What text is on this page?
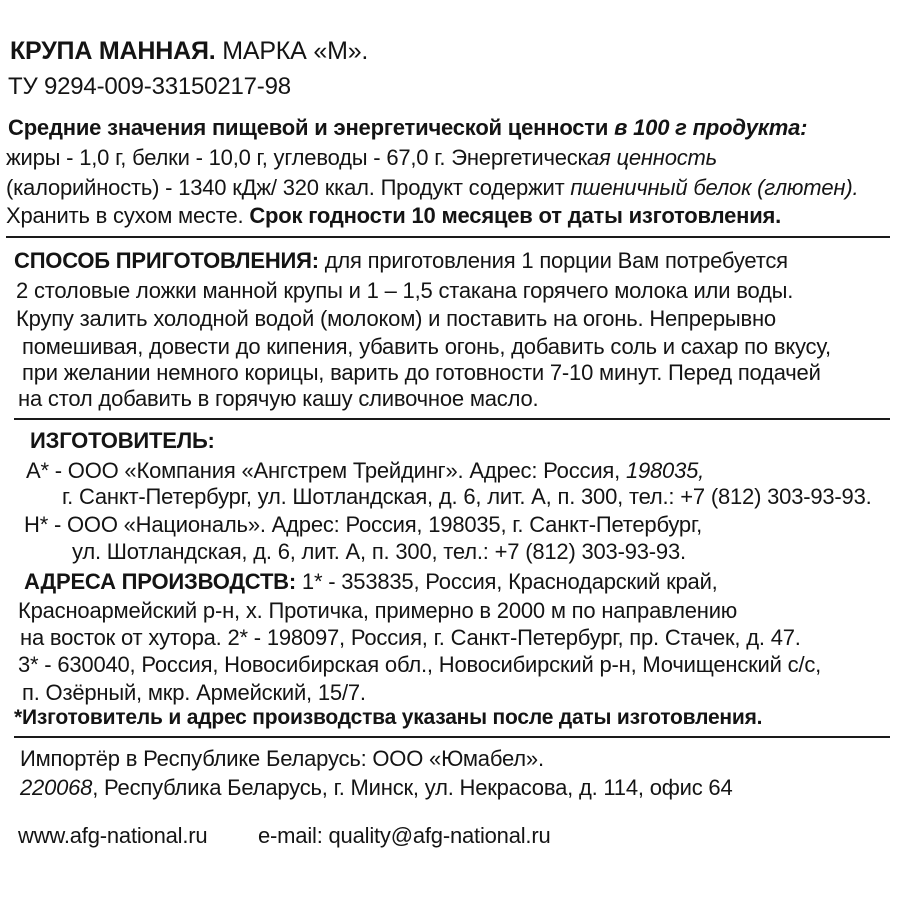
КРУПА МАННАЯ. МАРКА «М».
ТУ 9294-009-33150217-98
Средние значения пищевой и энергетической ценности в 100 г продукта:
жиры - 1,0 г, белки - 10,0 г, углеводы - 67,0 г. Энергетическая ценность
(калорийность) - 1340 кДж/ 320 ккал. Продукт содержит пшеничный белок (глютен).
Хранить в сухом месте. Срок годности 10 месяцев от даты изготовления.
СПОСОБ ПРИГОТОВЛЕНИЯ: для приготовления 1 порции Вам потребуется
2 столовые ложки манной крупы и 1 – 1,5 стакана горячего молока или воды.
Крупу залить холодной водой (молоком) и поставить на огонь. Непрерывно
помешивая, довести до кипения, убавить огонь, добавить соль и сахар по вкусу,
при желании немного корицы, варить до готовности 7-10 минут. Перед подачей
на стол добавить в горячую кашу сливочное масло.
ИЗГОТОВИТЕЛЬ:
А* - ООО «Компания «Ангстрем Трейдинг». Адрес: Россия, 198035,
г. Санкт-Петербург, ул. Шотландская, д. 6, лит. А, п. 300, тел.: +7 (812) 303-93-93.
Н* - ООО «Националь». Адрес: Россия, 198035, г. Санкт-Петербург,
ул. Шотландская, д. 6, лит. А, п. 300, тел.: +7 (812) 303-93-93.
АДРЕСА ПРОИЗВОДСТВ: 1* - 353835, Россия, Краснодарский край,
Красноармейский р-н, х. Протичка, примерно в 2000 м по направлению
на восток от хутора. 2* - 198097, Россия, г. Санкт-Петербург, пр. Стачек, д. 47.
3* - 630040, Россия, Новосибирская обл., Новосибирский р-н, Мочищенский с/с,
п. Озёрный, мкр. Армейский, 15/7.
*Изготовитель и адрес производства указаны после даты изготовления.
Импортёр в Республике Беларусь: ООО «Юмабел».
220068, Республика Беларусь, г. Минск, ул. Некрасова, д. 114, офис 64
www.afg-national.ru e-mail: quality@afg-national.ru
